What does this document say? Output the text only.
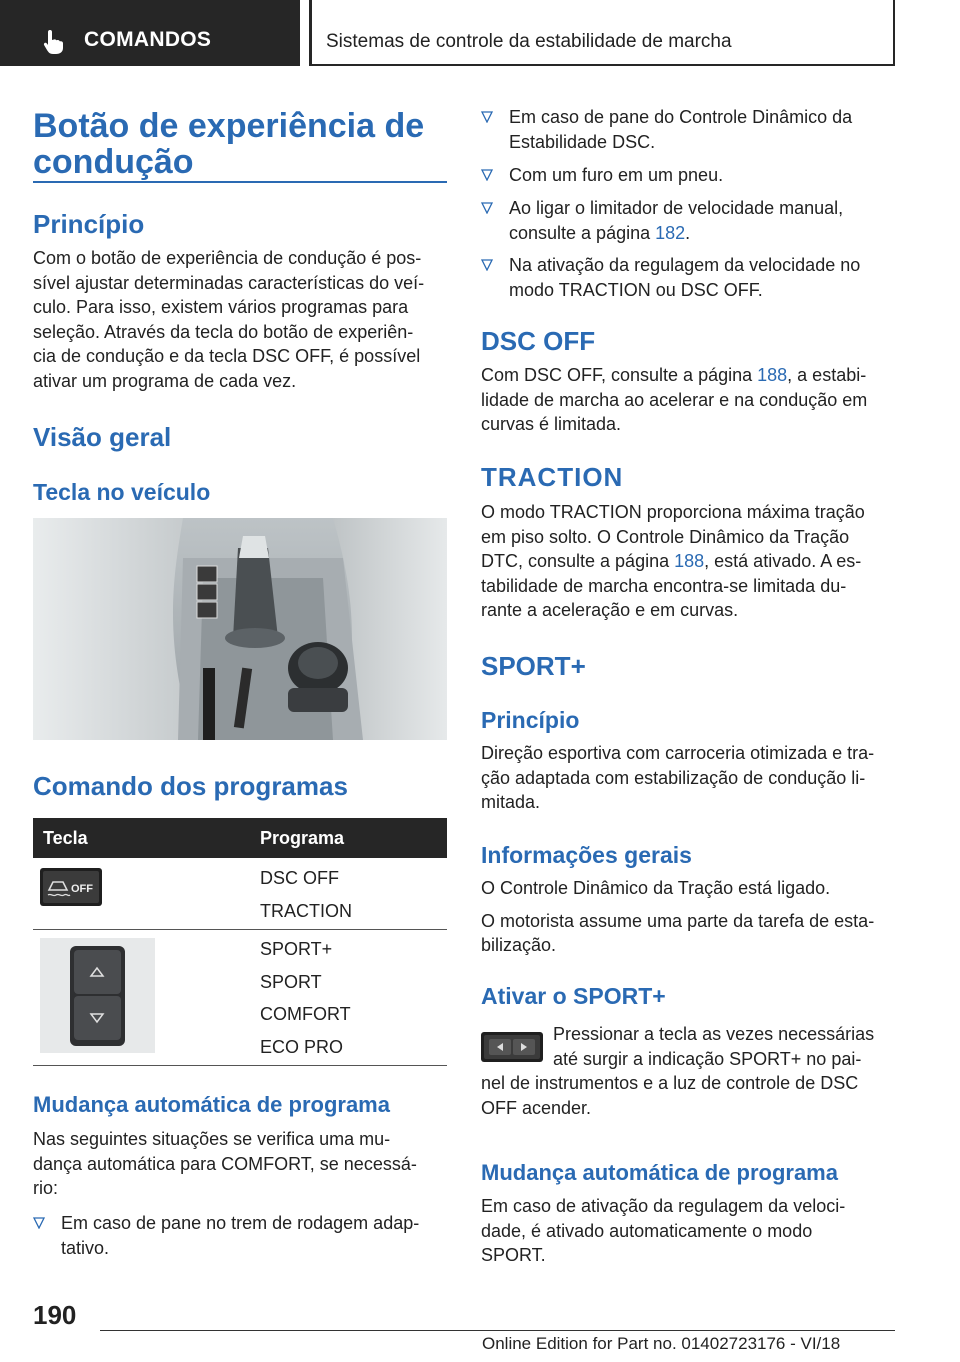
COMANDOS	Sistemas de controle da estabilidade de marcha
Botão de experiência de
condução
Princípio
Com o botão de experiência de condução é pos-
sível ajustar determinadas características do veí-
culo. Para isso, existem vários programas para
seleção. Através da tecla do botão de experiên-
cia de condução e da tecla DSC OFF, é possível
ativar um programa de cada vez.
Visão geral
Tecla no veículo
Comando dos programas
Tecla	Programa
OFF
DSC OFF
TRACTION
SPORT+
SPORT
COMFORT
ECO PRO
Mudança automática de programa
Nas seguintes situações se verifica uma mu-
dança automática para COMFORT, se necessá-
rio:
Em caso de pane no trem de rodagem adap-
tativo.
Em caso de pane do Controle Dinâmico da
Estabilidade DSC.
Com um furo em um pneu.
Ao ligar o limitador de velocidade manual,
consulte a página 182.
Na ativação da regulagem da velocidade no
modo TRACTION ou DSC OFF.
DSC OFF
Com DSC OFF, consulte a página 188, a estabi-
lidade de marcha ao acelerar e na condução em
curvas é limitada.
TRACTION
O modo TRACTION proporciona máxima tração
em piso solto. O Controle Dinâmico da Tração
DTC, consulte a página 188, está ativado. A es-
tabilidade de marcha encontra-se limitada du-
rante a aceleração e em curvas.
SPORT+
Princípio
Direção esportiva com carroceria otimizada e tra-
ção adaptada com estabilização de condução li-
mitada.
Informações gerais
O Controle Dinâmico da Tração está ligado.
O motorista assume uma parte da tarefa de esta-
bilização.
Ativar o SPORT+
Pressionar a tecla as vezes necessárias
até surgir a indicação SPORT+ no pai-
nel de instrumentos e a luz de controle de DSC
OFF acender.
Mudança automática de programa
Em caso de ativação da regulagem da veloci-
dade, é ativado automaticamente o modo
SPORT.
190
Online Edition for Part no. 01402723176 - VI/18
